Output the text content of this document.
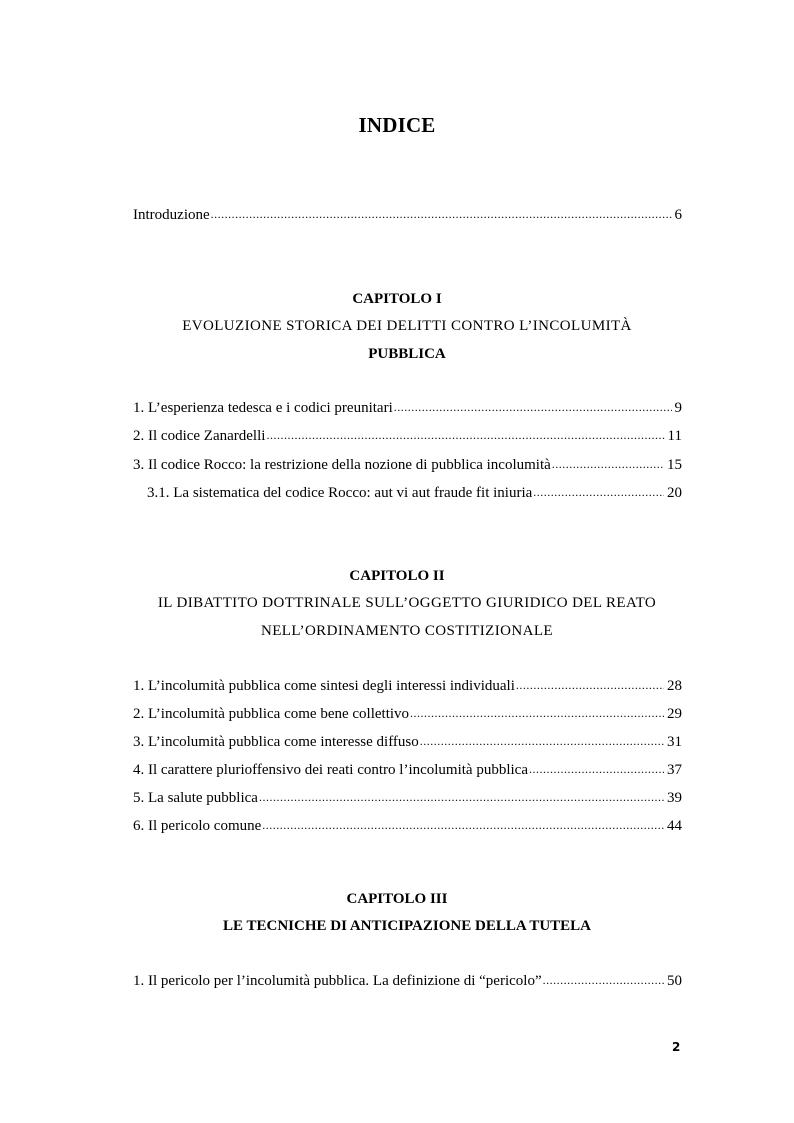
INDICE
Introduzione .....	6
CAPITOLO I
EVOLUZIONE STORICA DEI DELITTI CONTRO L’INCOLUMITÀ
PUBBLICA
1. L’esperienza tedesca e i codici preunitari .....	9
2. Il codice Zanardelli .....	11
3. Il codice Rocco: la restrizione della nozione di pubblica incolumità .....	15
3.1. La sistematica del codice Rocco: aut vi aut fraude fit iniuria .....	20
CAPITOLO II
IL DIBATTITO DOTTRINALE SULL’OGGETTO GIURIDICO DEL REATO
NELL’ORDINAMENTO COSTITIZIONALE
1. L’incolumità pubblica come sintesi degli interessi individuali .....	28
2. L’incolumità pubblica come bene collettivo .....	29
3. L’incolumità pubblica come interesse diffuso .....	31
4. Il carattere plurioffensivo dei reati contro l’incolumità pubblica .....	37
5. La salute pubblica .....	39
6. Il pericolo comune .....	44
CAPITOLO III
LE TECNICHE DI ANTICIPAZIONE DELLA TUTELA
1. Il pericolo per l’incolumità pubblica. La definizione di “pericolo” .....	50
2
